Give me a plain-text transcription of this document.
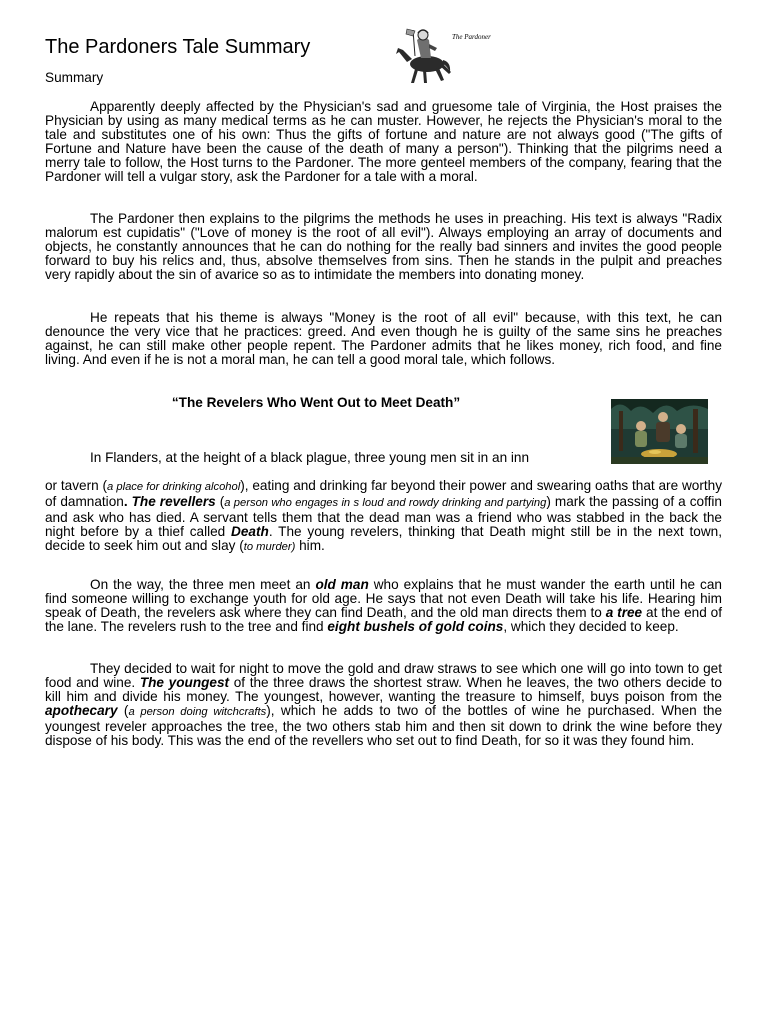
The Pardoners Tale Summary	The Pardoner

Summary

Apparently deeply affected by the Physician's sad and gruesome tale of Virginia, the Host praises the Physician by using as many medical terms as he can muster. However, he rejects the Physician's moral to the tale and substitutes one of his own: Thus the gifts of fortune and nature are not always good ("The gifts of Fortune and Nature have been the cause of the death of many a person"). Thinking that the pilgrims need a merry tale to follow, the Host turns to the Pardoner. The more genteel members of the company, fearing that the Pardoner will tell a vulgar story, ask the Pardoner for a tale with a moral.

The Pardoner then explains to the pilgrims the methods he uses in preaching. His text is always "Radix malorum est cupidatis" ("Love of money is the root of all evil"). Always employing an array of documents and objects, he constantly announces that he can do nothing for the really bad sinners and invites the good people forward to buy his relics and, thus, absolve themselves from sins. Then he stands in the pulpit and preaches very rapidly about the sin of avarice so as to intimidate the members into donating money.

He repeats that his theme is always "Money is the root of all evil" because, with this text, he can denounce the very vice that he practices: greed. And even though he is guilty of the same sins he preaches against, he can still make other people repent. The Pardoner admits that he likes money, rich food, and fine living. And even if he is not a moral man, he can tell a good moral tale, which follows.

“The Revelers Who Went Out to Meet Death”

In Flanders, at the height of a black plague, three young men sit in an inn

or tavern (a place for drinking alcohol), eating and drinking far beyond their power and swearing oaths that are worthy of damnation. The revellers (a person who engages in s loud and rowdy drinking and partying) mark the passing of a coffin and ask who has died. A servant tells them that the dead man was a friend who was stabbed in the back the night before by a thief called Death. The young revelers, thinking that Death might still be in the next town, decide to seek him out and slay (to murder) him.

On the way, the three men meet an old man who explains that he must wander the earth until he can find someone willing to exchange youth for old age. He says that not even Death will take his life. Hearing him speak of Death, the revelers ask where they can find Death, and the old man directs them to a tree at the end of the lane. The revelers rush to the tree and find eight bushels of gold coins, which they decided to keep.

They decided to wait for night to move the gold and draw straws to see which one will go into town to get food and wine. The youngest of the three draws the shortest straw. When he leaves, the two others decide to kill him and divide his money. The youngest, however, wanting the treasure to himself, buys poison from the apothecary (a person doing witchcrafts), which he adds to two of the bottles of wine he purchased. When the youngest reveler approaches the tree, the two others stab him and then sit down to drink the wine before they dispose of his body. This was the end of the revellers who set out to find Death, for so it was they found him.
